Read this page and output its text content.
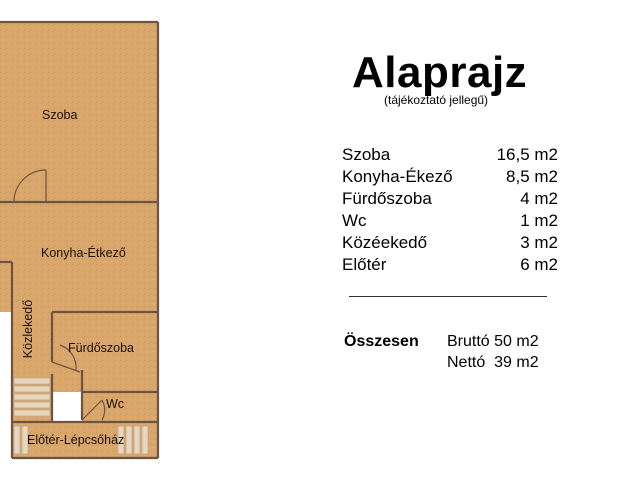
Szoba
Konyha-Étkező
Közlekedő	Fürdőszoba
Wc
Előtér-Lépcsőház
Alaprajz
(tájékoztató jellegű)
Szoba	16,5 m2
Konyha-Ékező	8,5 m2
Fürdőszoba	4 m2
Wc	1 m2
Közéekedő	3 m2
Előtér	6 m2
Összesen Bruttó 50 m2
Nettó  39 m2
